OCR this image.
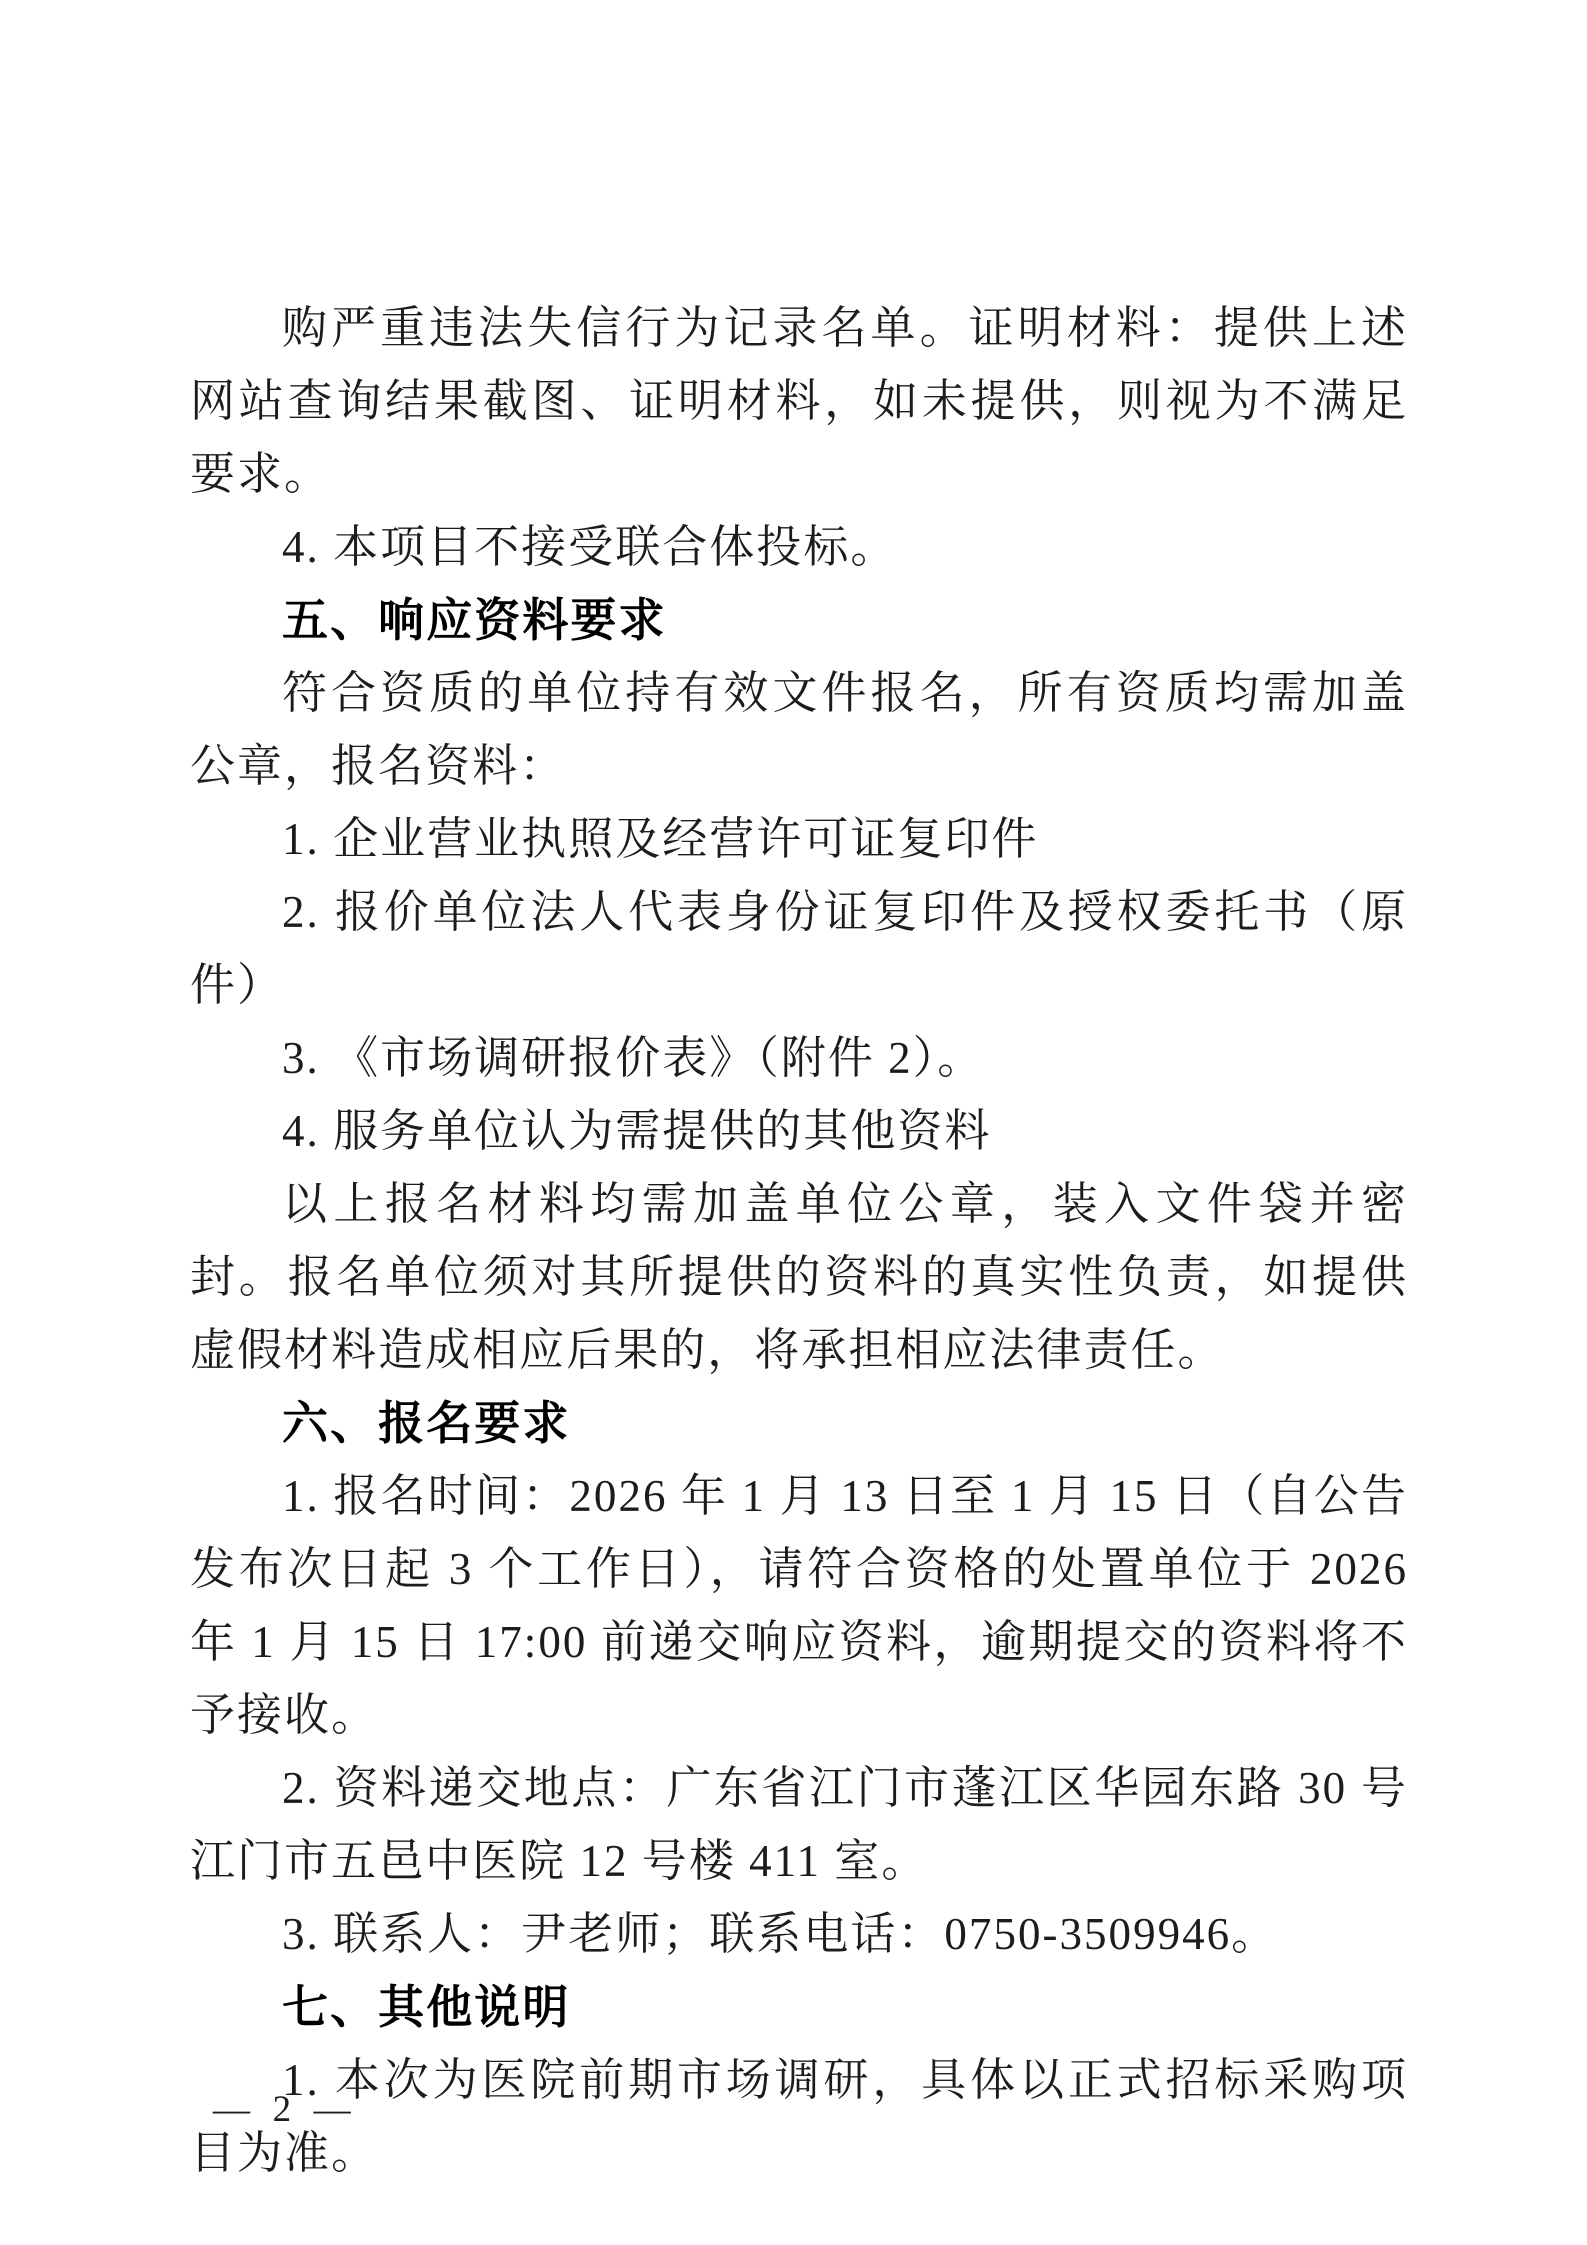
购严重违法失信行为记录名单。证明材料：提供上述网站查询结果截图、证明材料，如未提供，则视为不满足要求。
4. 本项目不接受联合体投标。
五、响应资料要求
符合资质的单位持有效文件报名，所有资质均需加盖公章，报名资料：
1. 企业营业执照及经营许可证复印件
2. 报价单位法人代表身份证复印件及授权委托书（原件）
3. 《市场调研报价表》（附件 2）。
4. 服务单位认为需提供的其他资料
以上报名材料均需加盖单位公章，装入文件袋并密封。报名单位须对其所提供的资料的真实性负责，如提供虚假材料造成相应后果的，将承担相应法律责任。
六、报名要求
1. 报名时间：2026 年 1 月 13 日至 1 月 15 日（自公告发布次日起 3 个工作日），请符合资格的处置单位于 2026 年 1 月 15 日 17:00 前递交响应资料，逾期提交的资料将不予接收。
2. 资料递交地点：广东省江门市蓬江区华园东路 30 号江门市五邑中医院 12 号楼 411 室。
3. 联系人：尹老师；联系电话：0750-3509946。
七、其他说明
1. 本次为医院前期市场调研，具体以正式招标采购项目为准。
— 2 —
